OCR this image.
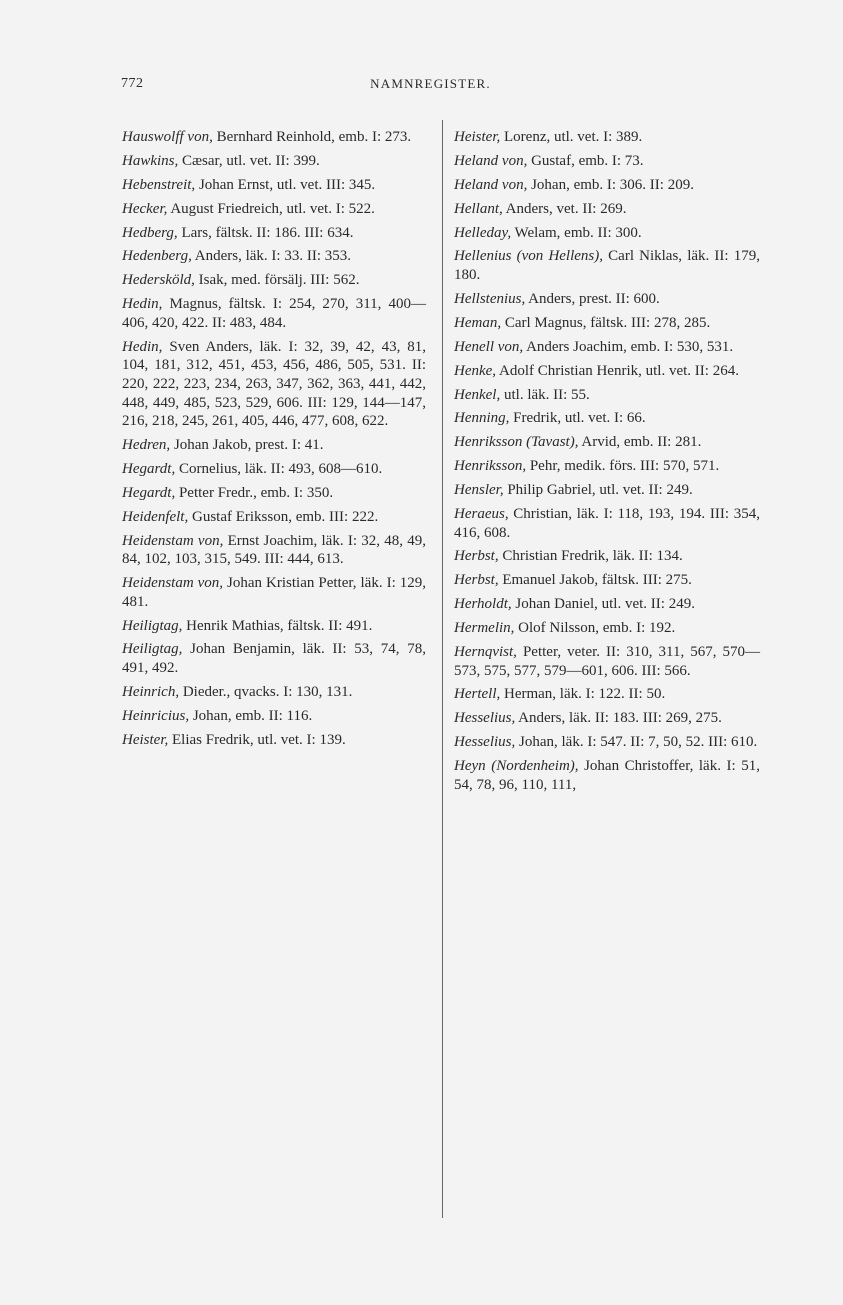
772	NAMNREGISTER.

Hauswolff von, Bernhard Reinhold, emb. I: 273.

Hawkins, Cæsar, utl. vet. II: 399.

Hebenstreit, Johan Ernst, utl. vet. III: 345.

Hecker, August Friedreich, utl. vet. I: 522.

Hedberg, Lars, fältsk. II: 186. III: 634.

Hedenberg, Anders, läk. I: 33. II: 353.

Hedersköld, Isak, med. försälj. III: 562.

Hedin, Magnus, fältsk. I: 254, 270, 311, 400—406, 420, 422. II: 483, 484.

Hedin, Sven Anders, läk. I: 32, 39, 42, 43, 81, 104, 181, 312, 451, 453, 456, 486, 505, 531. II: 220, 222, 223, 234, 263, 347, 362, 363, 441, 442, 448, 449, 485, 523, 529, 606. III: 129, 144—147, 216, 218, 245, 261, 405, 446, 477, 608, 622.

Hedren, Johan Jakob, prest. I: 41.

Hegardt, Cornelius, läk. II: 493, 608—610.

Hegardt, Petter Fredr., emb. I: 350.

Heidenfelt, Gustaf Eriksson, emb. III: 222.

Heidenstam von, Ernst Joachim, läk. I: 32, 48, 49, 84, 102, 103, 315, 549. III: 444, 613.

Heidenstam von, Johan Kristian Petter, läk. I: 129, 481.

Heiligtag, Henrik Mathias, fältsk. II: 491.

Heiligtag, Johan Benjamin, läk. II: 53, 74, 78, 491, 492.

Heinrich, Dieder., qvacks. I: 130, 131.

Heinricius, Johan, emb. II: 116.

Heister, Elias Fredrik, utl. vet. I: 139.

Heister, Lorenz, utl. vet. I: 389.

Heland von, Gustaf, emb. I: 73.

Heland von, Johan, emb. I: 306. II: 209.

Hellant, Anders, vet. II: 269.

Helleday, Welam, emb. II: 300.

Hellenius (von Hellens), Carl Niklas, läk. II: 179, 180.

Hellstenius, Anders, prest. II: 600.

Heman, Carl Magnus, fältsk. III: 278, 285.

Henell von, Anders Joachim, emb. I: 530, 531.

Henke, Adolf Christian Henrik, utl. vet. II: 264.

Henkel, utl. läk. II: 55.

Henning, Fredrik, utl. vet. I: 66.

Henriksson (Tavast), Arvid, emb. II: 281.

Henriksson, Pehr, medik. förs. III: 570, 571.

Hensler, Philip Gabriel, utl. vet. II: 249.

Heraeus, Christian, läk. I: 118, 193, 194. III: 354, 416, 608.

Herbst, Christian Fredrik, läk. II: 134.

Herbst, Emanuel Jakob, fältsk. III: 275.

Herholdt, Johan Daniel, utl. vet. II: 249.

Hermelin, Olof Nilsson, emb. I: 192.

Hernqvist, Petter, veter. II: 310, 311, 567, 570—573, 575, 577, 579—601, 606. III: 566.

Hertell, Herman, läk. I: 122. II: 50.

Hesselius, Anders, läk. II: 183. III: 269, 275.

Hesselius, Johan, läk. I: 547. II: 7, 50, 52. III: 610.

Heyn (Nordenheim), Johan Christoffer, läk. I: 51, 54, 78, 96, 110, 111,
